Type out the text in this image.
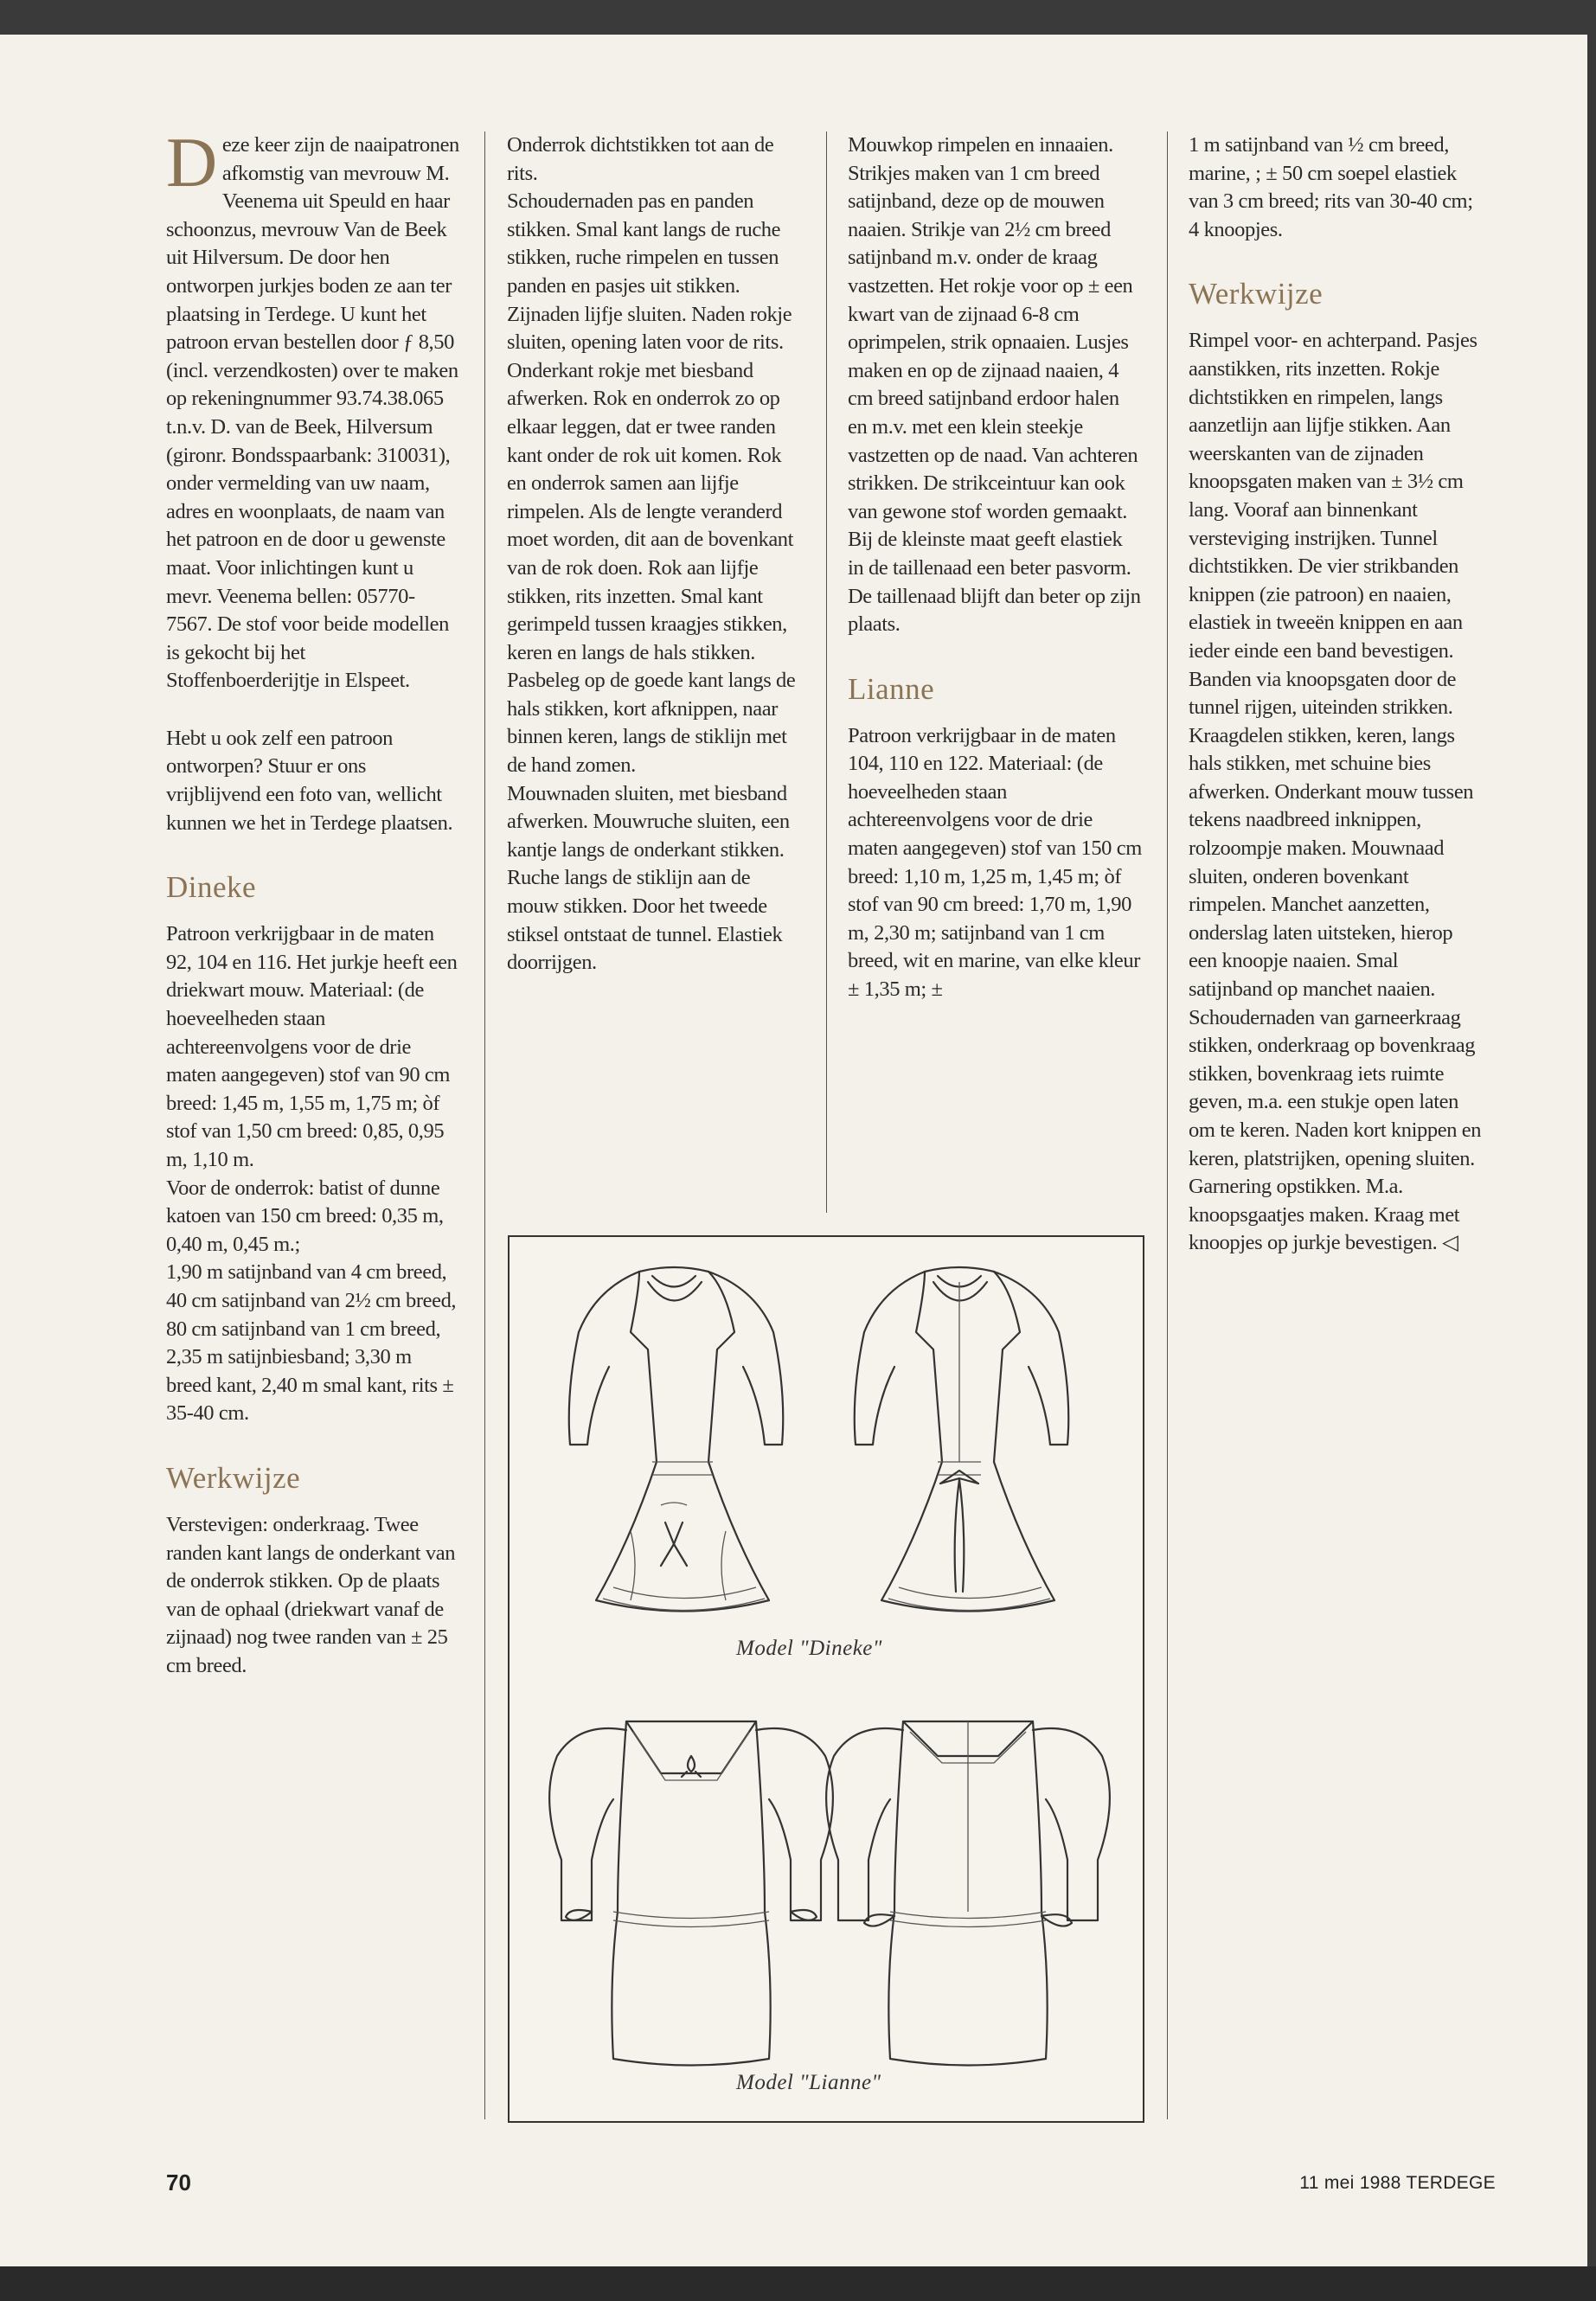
Deze keer zijn de naaipatronen afkomstig van mevrouw M. Veenema uit Speuld en haar schoonzus, mevrouw Van de Beek uit Hilversum. De door hen ontworpen jurkjes boden ze aan ter plaatsing in Terdege. U kunt het patroon ervan bestellen door ƒ 8,50 (incl. verzendkosten) over te maken op rekeningnummer 93.74.38.065 t.n.v. D. van de Beek, Hilversum (gironr. Bondsspaarbank: 310031), onder vermelding van uw naam, adres en woonplaats, de naam van het patroon en de door u gewenste maat. Voor inlichtingen kunt u mevr. Veenema bellen: 05770-7567. De stof voor beide modellen is gekocht bij het Stoffenboerderijtje in Elspeet.

Hebt u ook zelf een patroon ontworpen? Stuur er ons vrijblijvend een foto van, wellicht kunnen we het in Terdege plaatsen.

Dineke

Patroon verkrijgbaar in de maten 92, 104 en 116. Het jurkje heeft een driekwart mouw. Materiaal: (de hoeveelheden staan achtereenvolgens voor de drie maten aangegeven) stof van 90 cm breed: 1,45 m, 1,55 m, 1,75 m; òf stof van 1,50 cm breed: 0,85, 0,95 m, 1,10 m.

Voor de onderrok: batist of dunne katoen van 150 cm breed: 0,35 m, 0,40 m, 0,45 m.;

1,90 m satijnband van 4 cm breed, 40 cm satijnband van 2½ cm breed, 80 cm satijnband van 1 cm breed, 2,35 m satijnbiesband; 3,30 m breed kant, 2,40 m smal kant, rits ± 35-40 cm.

Werkwijze

Verstevigen: onderkraag. Twee randen kant langs de onderkant van de onderrok stikken. Op de plaats van de ophaal (driekwart vanaf de zijnaad) nog twee randen van ± 25 cm breed.

Onderrok dichtstikken tot aan de rits.

Schoudernaden pas en panden stikken. Smal kant langs de ruche stikken, ruche rimpelen en tussen panden en pasjes uit stikken.

Zijnaden lijfje sluiten. Naden rokje sluiten, opening laten voor de rits. Onderkant rokje met biesband afwerken. Rok en onderrok zo op elkaar leggen, dat er twee randen kant onder de rok uit komen. Rok en onderrok samen aan lijfje rimpelen. Als de lengte veranderd moet worden, dit aan de bovenkant van de rok doen. Rok aan lijfje stikken, rits inzetten. Smal kant gerimpeld tussen kraagjes stikken, keren en langs de hals stikken.

Pasbeleg op de goede kant langs de hals stikken, kort afknippen, naar binnen keren, langs de stiklijn met de hand zomen.

Mouwnaden sluiten, met biesband afwerken. Mouwruche sluiten, een kantje langs de onderkant stikken. Ruche langs de stiklijn aan de mouw stikken. Door het tweede stiksel ontstaat de tunnel. Elastiek doorrijgen.

Mouwkop rimpelen en innaaien. Strikjes maken van 1 cm breed satijnband, deze op de mouwen naaien. Strikje van 2½ cm breed satijnband m.v. onder de kraag vastzetten. Het rokje voor op ± een kwart van de zijnaad 6-8 cm oprimpelen, strik opnaaien. Lusjes maken en op de zijnaad naaien, 4 cm breed satijnband erdoor halen en m.v. met een klein steekje vastzetten op de naad. Van achteren strikken. De strikceintuur kan ook van gewone stof worden gemaakt. Bij de kleinste maat geeft elastiek in de taillenaad een beter pasvorm. De taillenaad blijft dan beter op zijn plaats.

Lianne

Patroon verkrijgbaar in de maten 104, 110 en 122. Materiaal: (de hoeveelheden staan achtereenvolgens voor de drie maten aangegeven) stof van 150 cm breed: 1,10 m, 1,25 m, 1,45 m; òf stof van 90 cm breed: 1,70 m, 1,90 m, 2,30 m; satijnband van 1 cm breed, wit en marine, van elke kleur ± 1,35 m; ±

1 m satijnband van ½ cm breed, marine, ; ± 50 cm soepel elastiek van 3 cm breed; rits van 30-40 cm; 4 knoopjes.

Werkwijze

Rimpel voor- en achterpand. Pasjes aanstikken, rits inzetten. Rokje dichtstikken en rimpelen, langs aanzetlijn aan lijfje stikken. Aan weerskanten van de zijnaden knoopsgaten maken van ± 3½ cm lang. Vooraf aan binnenkant versteviging instrijken. Tunnel dichtstikken. De vier strikbanden knippen (zie patroon) en naaien, elastiek in tweeën knippen en aan ieder einde een band bevestigen. Banden via knoopsgaten door de tunnel rijgen, uiteinden strikken.

Kraagdelen stikken, keren, langs hals stikken, met schuine bies afwerken. Onderkant mouw tussen tekens naadbreed inknippen, rolzoompje maken. Mouwnaad sluiten, onderen bovenkant rimpelen. Manchet aanzetten, onderslag laten uitsteken, hierop een knoopje naaien. Smal satijnband op manchet naaien. Schoudernaden van garneerkraag stikken, onderkraag op bovenkraag stikken, bovenkraag iets ruimte geven, m.a. een stukje open laten om te keren. Naden kort knippen en keren, platstrijken, opening sluiten. Garnering opstikken. M.a. knoopsgaatjes maken. Kraag met knoopjes op jurkje bevestigen. ◁

Model "Dineke"
Model "Lianne"
70	11 mei 1988 TERDEGE
